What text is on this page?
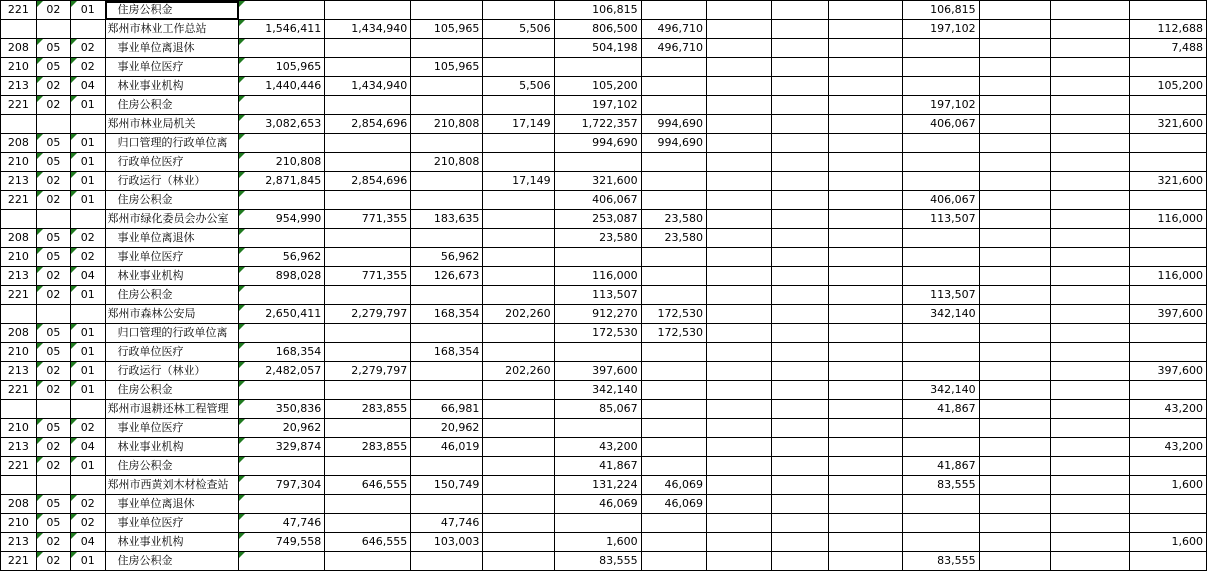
221	02	01	住房公积金					106,815					106,815			
			郑州市林业工作总站	1,546,411	1,434,940	105,965	5,506	806,500	496,710				197,102			112,688
208	05	02	事业单位离退休					504,198	496,710							7,488
210	05	02	事业单位医疗	105,965		105,965										
213	02	04	林业事业机构	1,440,446	1,434,940		5,506	105,200								105,200
221	02	01	住房公积金					197,102					197,102			
			郑州市林业局机关	3,082,653	2,854,696	210,808	17,149	1,722,357	994,690				406,067			321,600
208	05	01	归口管理的行政单位离					994,690	994,690							
210	05	01	行政单位医疗	210,808		210,808										
213	02	01	行政运行（林业）	2,871,845	2,854,696		17,149	321,600								321,600
221	02	01	住房公积金					406,067					406,067			
			郑州市绿化委员会办公室	954,990	771,355	183,635		253,087	23,580				113,507			116,000
208	05	02	事业单位离退休					23,580	23,580							
210	05	02	事业单位医疗	56,962		56,962										
213	02	04	林业事业机构	898,028	771,355	126,673		116,000								116,000
221	02	01	住房公积金					113,507					113,507			
			郑州市森林公安局	2,650,411	2,279,797	168,354	202,260	912,270	172,530				342,140			397,600
208	05	01	归口管理的行政单位离					172,530	172,530							
210	05	01	行政单位医疗	168,354		168,354										
213	02	01	行政运行（林业）	2,482,057	2,279,797		202,260	397,600								397,600
221	02	01	住房公积金					342,140					342,140			
			郑州市退耕还林工程管理	350,836	283,855	66,981		85,067					41,867			43,200
210	05	02	事业单位医疗	20,962		20,962										
213	02	04	林业事业机构	329,874	283,855	46,019		43,200								43,200
221	02	01	住房公积金					41,867					41,867			
			郑州市西黄刘木材检查站	797,304	646,555	150,749		131,224	46,069				83,555			1,600
208	05	02	事业单位离退休					46,069	46,069							
210	05	02	事业单位医疗	47,746		47,746										
213	02	04	林业事业机构	749,558	646,555	103,003		1,600								1,600
221	02	01	住房公积金					83,555					83,555			
